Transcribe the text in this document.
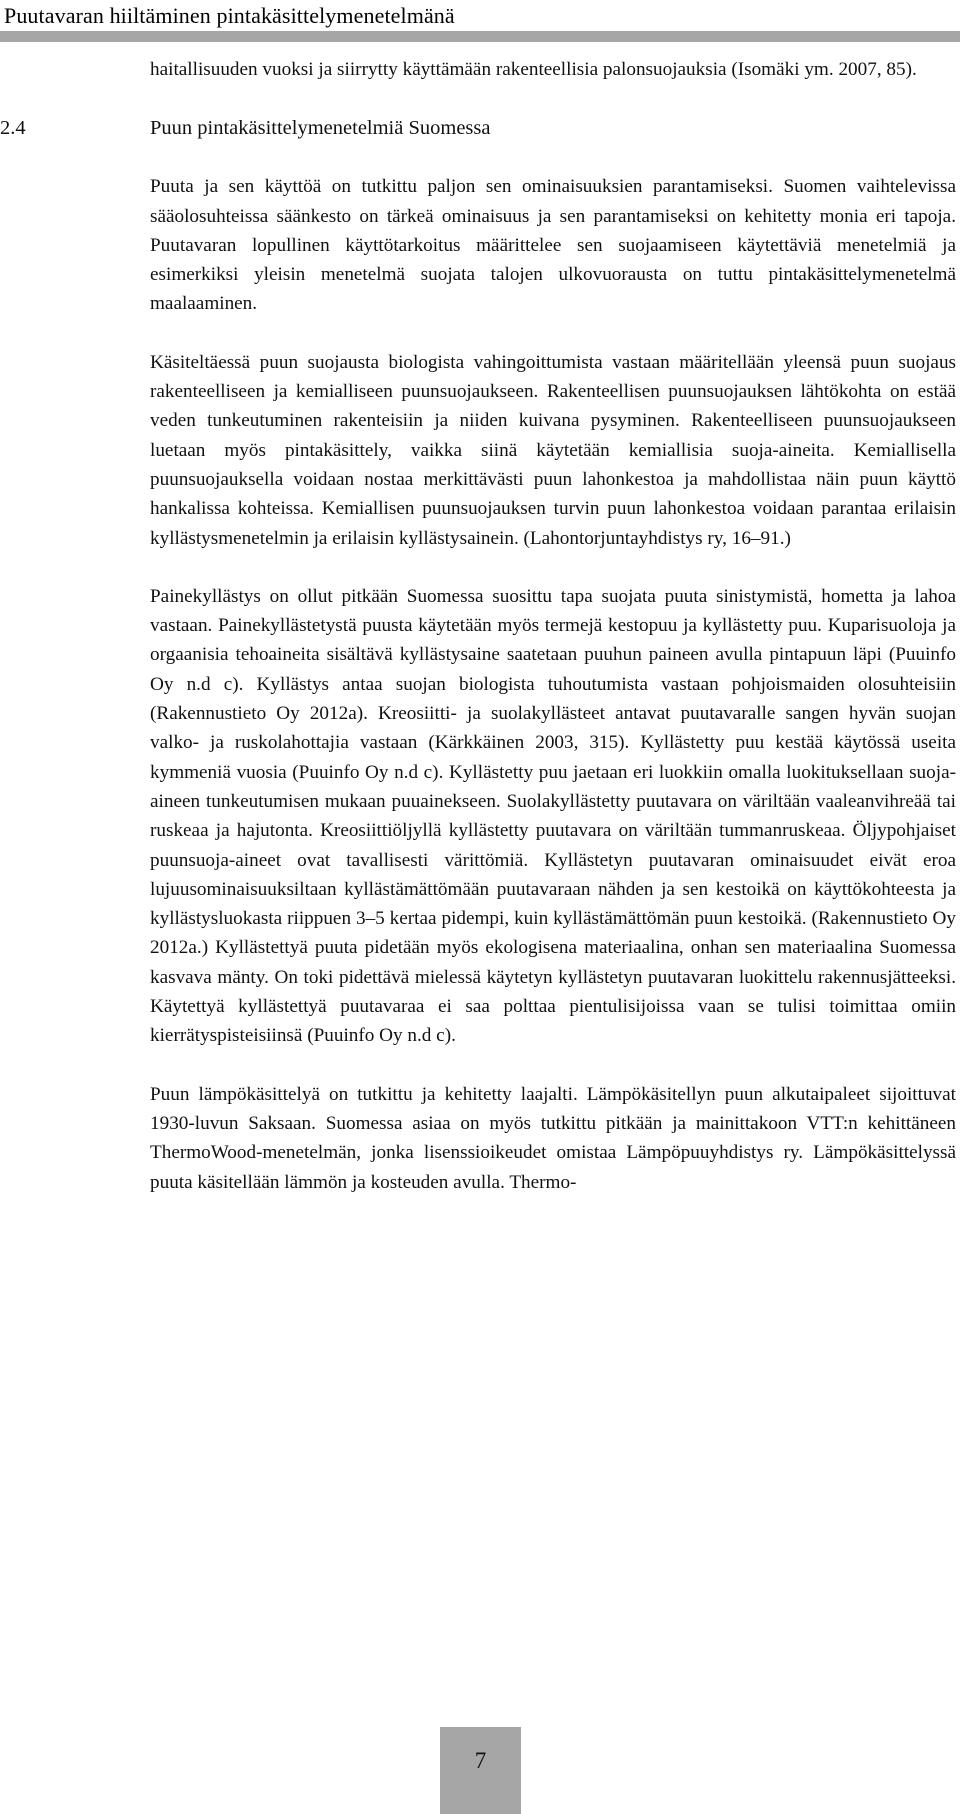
Puutavaran hiiltäminen pintakäsittelymenetelmänä

haitallisuuden vuoksi ja siirrytty käyttämään rakenteellisia palonsuojauksia (Isomäki ym. 2007, 85).

2.4	Puun pintakäsittelymenetelmiä Suomessa

Puuta ja sen käyttöä on tutkittu paljon sen ominaisuuksien parantamiseksi. Suomen vaihtelevissa sääolosuhteissa säänkesto on tärkeä ominaisuus ja sen parantamiseksi on kehitetty monia eri tapoja. Puutavaran lopullinen käyttötarkoitus määrittelee sen suojaamiseen käytettäviä menetelmiä ja esimerkiksi yleisin menetelmä suojata talojen ulkovuorausta on tuttu pintakäsittelymenetelmä maalaaminen.

Käsiteltäessä puun suojausta biologista vahingoittumista vastaan määritellään yleensä puun suojaus rakenteelliseen ja kemialliseen puunsuojaukseen. Rakenteellisen puunsuojauksen lähtökohta on estää veden tunkeutuminen rakenteisiin ja niiden kuivana pysyminen. Rakenteelliseen puunsuojaukseen luetaan myös pintakäsittely, vaikka siinä käytetään kemiallisia suoja-aineita. Kemiallisella puunsuojauksella voidaan nostaa merkittävästi puun lahonkestoa ja mahdollistaa näin puun käyttö hankalissa kohteissa. Kemiallisen puunsuojauksen turvin puun lahonkestoa voidaan parantaa erilaisin kyllästysmenetelmin ja erilaisin kyllästysainein. (Lahontorjuntayhdistys ry, 16–91.)

Painekyllästys on ollut pitkään Suomessa suosittu tapa suojata puuta sinistymistä, hometta ja lahoa vastaan. Painekyllästetystä puusta käytetään myös termejä kestopuu ja kyllästetty puu. Kuparisuoloja ja orgaanisia tehoaineita sisältävä kyllästysaine saatetaan puuhun paineen avulla pintapuun läpi (Puuinfo Oy n.d c). Kyllästys antaa suojan biologista tuhoutumista vastaan pohjoismaiden olosuhteisiin (Rakennustieto Oy 2012a). Kreosiitti- ja suolakyllästeet antavat puutavaralle sangen hyvän suojan valko- ja ruskolahottajia vastaan (Kärkkäinen 2003, 315). Kyllästetty puu kestää käytössä useita kymmeniä vuosia (Puuinfo Oy n.d c). Kyllästetty puu jaetaan eri luokkiin omalla luokituksellaan suoja-aineen tunkeutumisen mukaan puuainekseen. Suolakyllästetty puutavara on väriltään vaaleanvihreää tai ruskeaa ja hajutonta. Kreosiittiöljyllä kyllästetty puutavara on väriltään tummanruskeaa. Öljypohjaiset puunsuoja-aineet ovat tavallisesti värittömiä. Kyllästetyn puutavaran ominaisuudet eivät eroa lujuusominaisuuksiltaan kyllästämättömään puutavaraan nähden ja sen kestoikä on käyttökohteesta ja kyllästysluokasta riippuen 3–5 kertaa pidempi, kuin kyllästämättömän puun kestoikä. (Rakennustieto Oy 2012a.) Kyllästettyä puuta pidetään myös ekologisena materiaalina, onhan sen materiaalina Suomessa kasvava mänty. On toki pidettävä mielessä käytetyn kyllästetyn puutavaran luokittelu rakennusjätteeksi. Käytettyä kyllästettyä puutavaraa ei saa polttaa pientulisijoissa vaan se tulisi toimittaa omiin kierrätyspisteisiinsä (Puuinfo Oy n.d c).

Puun lämpökäsittelyä on tutkittu ja kehitetty laajalti. Lämpökäsitellyn puun alkutaipaleet sijoittuvat 1930-luvun Saksaan. Suomessa asiaa on myös tutkittu pitkään ja mainittakoon VTT:n kehittäneen ThermoWood-menetelmän, jonka lisenssioikeudet omistaa Lämpöpuuyhdistys ry. Lämpökäsittelyssä puuta käsitellään lämmön ja kosteuden avulla. Thermo-

7
